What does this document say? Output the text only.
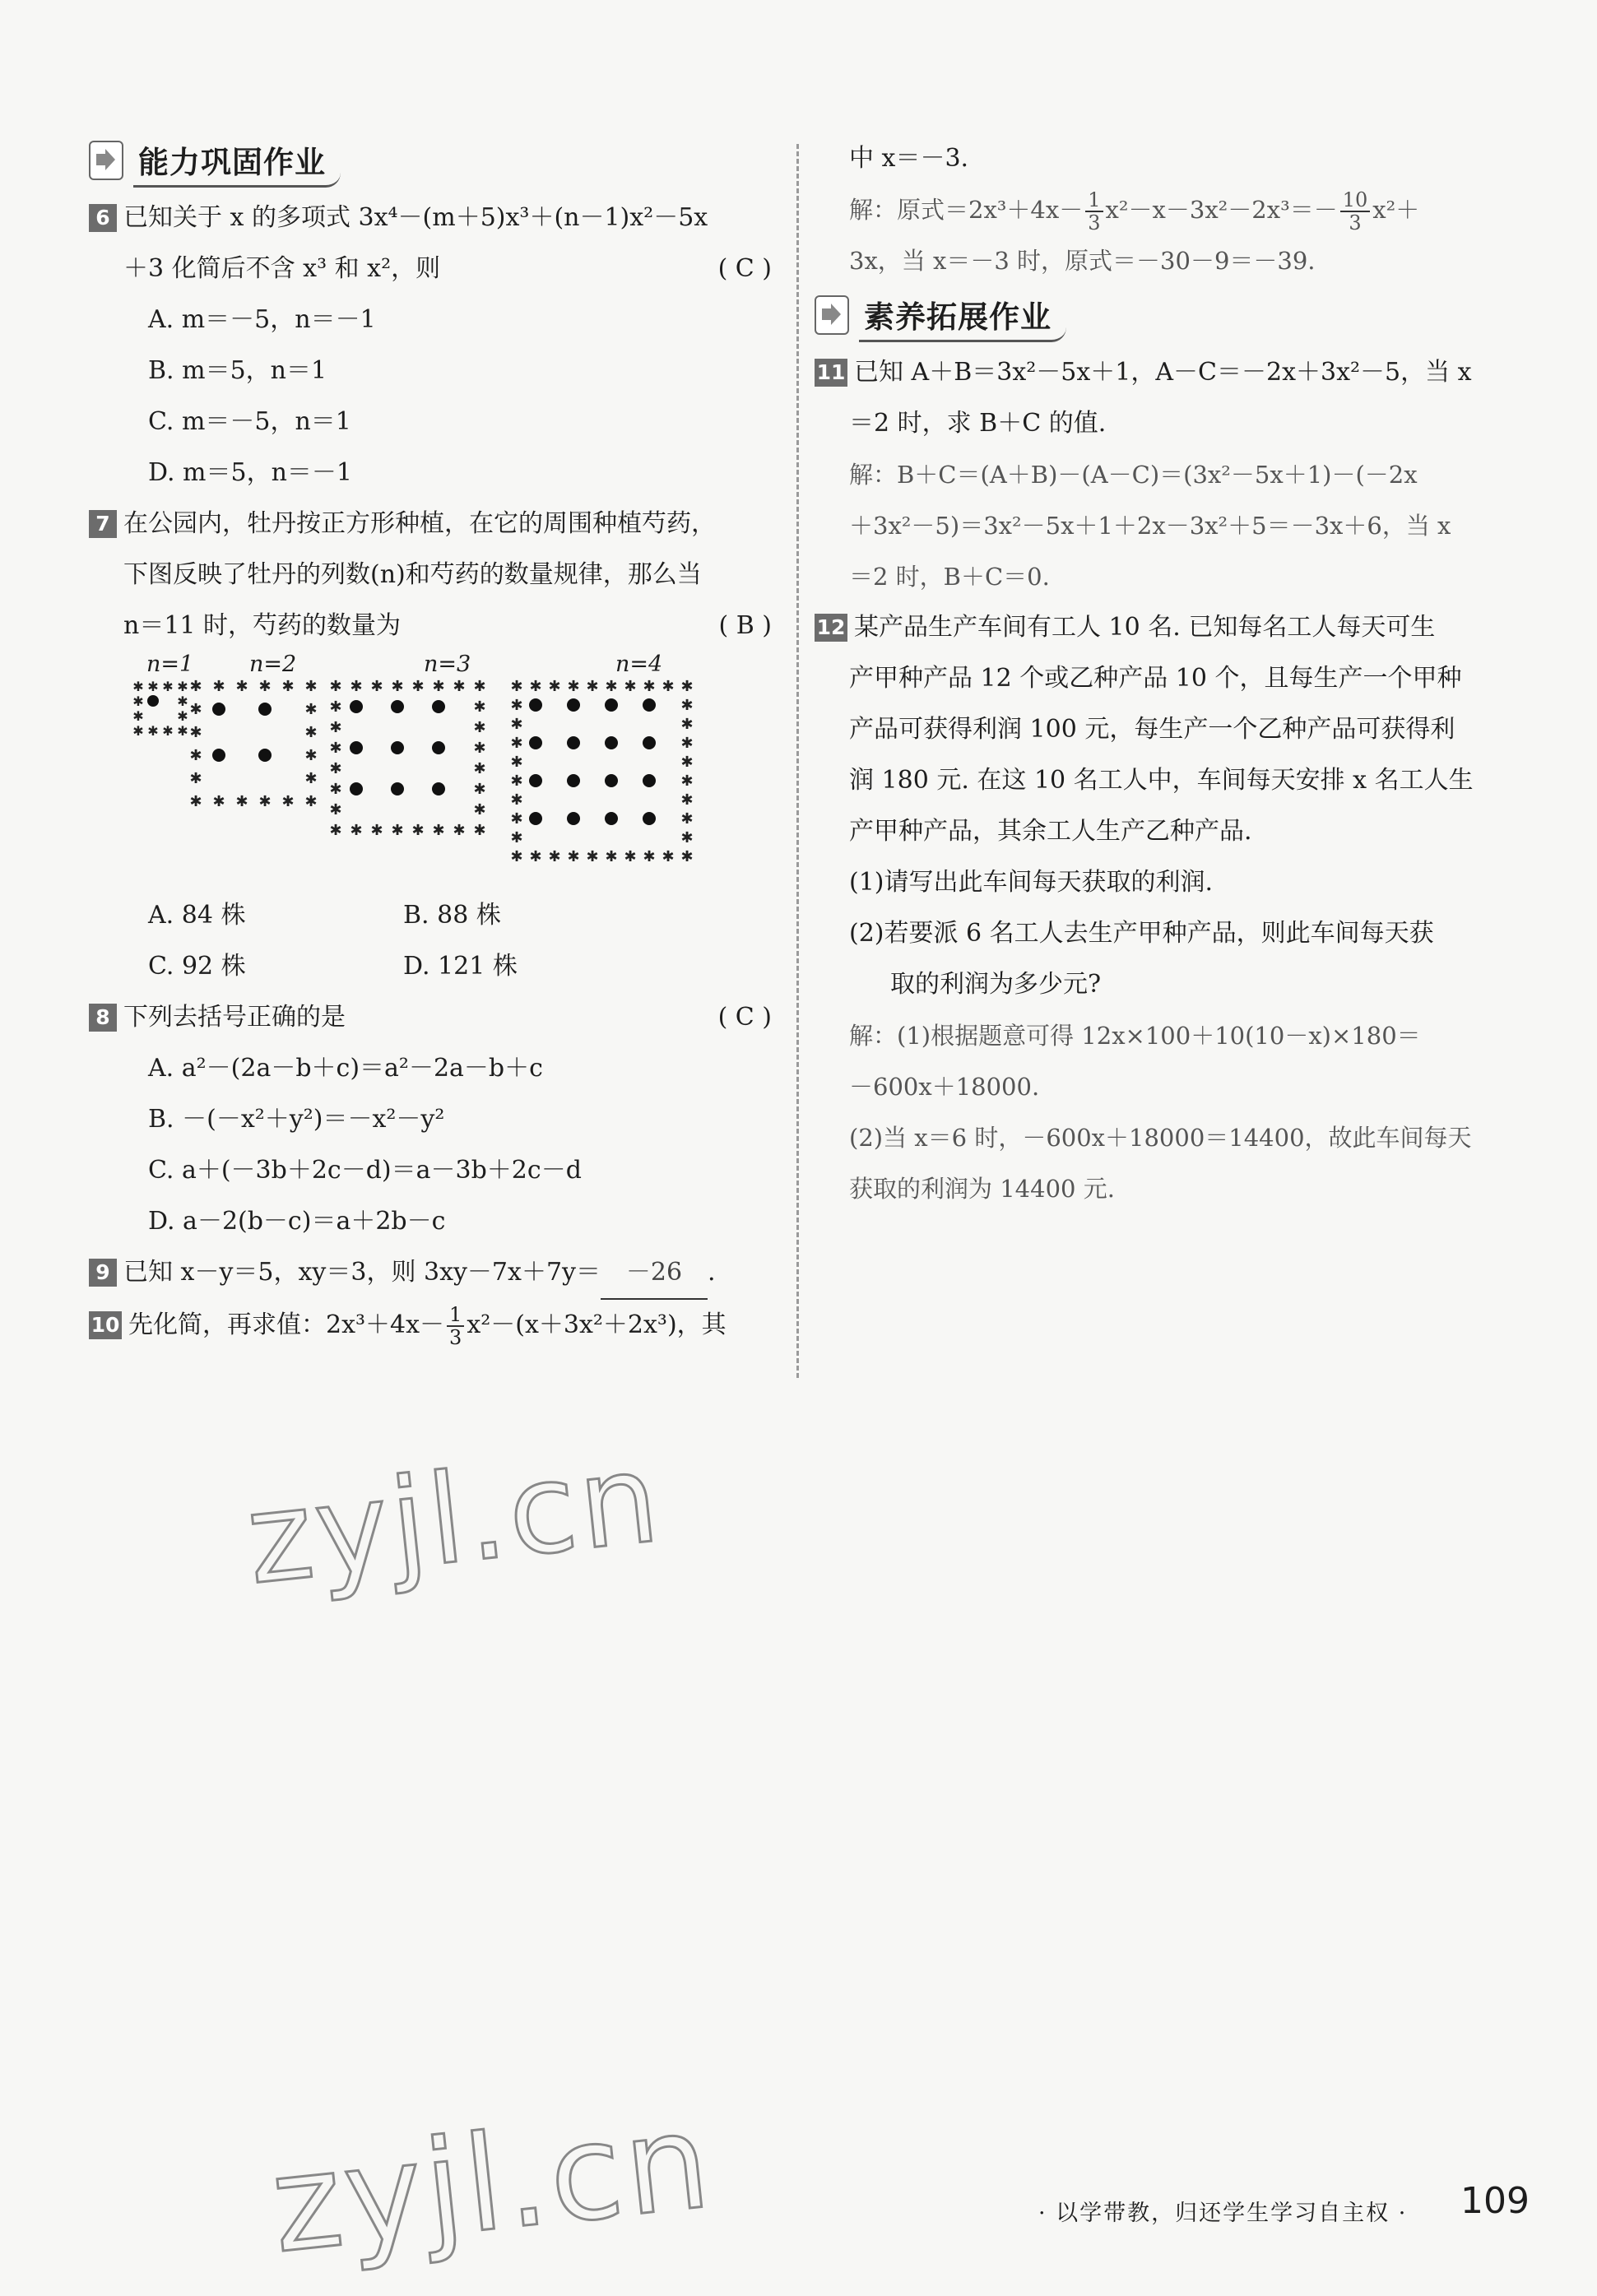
能力巩固作业
6 已知关于 x 的多项式 3x⁴－(m＋5)x³＋(n－1)x²－5x
＋3 化简后不含 x³ 和 x²，则	( C )
A. m＝－5，n＝－1
B. m＝5，n＝1
C. m＝－5，n＝1
D. m＝5，n＝－1
7 在公园内，牡丹按正方形种植，在它的周围种植芍药，
下图反映了牡丹的列数(n)和芍药的数量规律，那么当
n＝11 时，芍药的数量为	( B )
n=1	n=2	n=3	n=4
✱ ✱ ✱ ✱
✱	✱
✱	✱
✱ ✱ ✱ ✱
✱ ✱ ✱ ✱ ✱ ✱
✱	✱
✱	✱
✱	✱
✱	✱
✱ ✱ ✱ ✱ ✱ ✱
✱ ✱ ✱ ✱ ✱ ✱ ✱ ✱
✱	✱
✱	✱
✱	✱
✱	✱
✱	✱
✱	✱
✱ ✱ ✱ ✱ ✱ ✱ ✱ ✱
✱ ✱ ✱ ✱ ✱ ✱ ✱ ✱ ✱ ✱
✱	✱
✱	✱
✱	✱
✱	✱
✱	✱
✱	✱
✱	✱
✱	✱
✱ ✱ ✱ ✱ ✱ ✱ ✱ ✱ ✱ ✱
A. 84 株	B. 88 株
C. 92 株	D. 121 株
8 下列去括号正确的是	( C )
A. a²－(2a－b＋c)＝a²－2a－b＋c
B. －(－x²＋y²)＝－x²－y²
C. a＋(－3b＋2c－d)＝a－3b＋2c－d
D. a－2(b－c)＝a＋2b－c
9 已知 x－y＝5，xy＝3，则 3xy－7x＋7y＝ －26 .
10 先化简，再求值：$2x^3+4x- \frac{1}{3} x^2-(x+3x^2+2x^3)$，其
中 x＝－3.
解：原式$=2x^3+4x- \frac{1}{3} x^2-x-3x^2-2x^3=- \frac{10}{3} x^2+$
3x，当 x＝－3 时，原式＝－30－9＝－39.
素养拓展作业
11 已知 A＋B＝3x²－5x＋1，A－C＝－2x＋3x²－5，当 x
＝2 时，求 B＋C 的值.
解：B＋C＝(A＋B)－(A－C)＝(3x²－5x＋1)－(－2x
＋3x²－5)＝3x²－5x＋1＋2x－3x²＋5＝－3x＋6，当 x
＝2 时，B＋C＝0.
12 某产品生产车间有工人 10 名. 已知每名工人每天可生
产甲种产品 12 个或乙种产品 10 个，且每生产一个甲种
产品可获得利润 100 元，每生产一个乙种产品可获得利
润 180 元. 在这 10 名工人中，车间每天安排 x 名工人生
产甲种产品，其余工人生产乙种产品.
(1)请写出此车间每天获取的利润.
(2)若要派 6 名工人去生产甲种产品，则此车间每天获
取的利润为多少元?
解：(1)根据题意可得 12x×100＋10(10－x)×180＝
－600x＋18000.
(2)当 x＝6 时，－600x＋18000＝14400，故此车间每天
获取的利润为 14400 元.
zyjl.cn
zyjl.cn	· 以学带教，归还学生学习自主权 · 109
